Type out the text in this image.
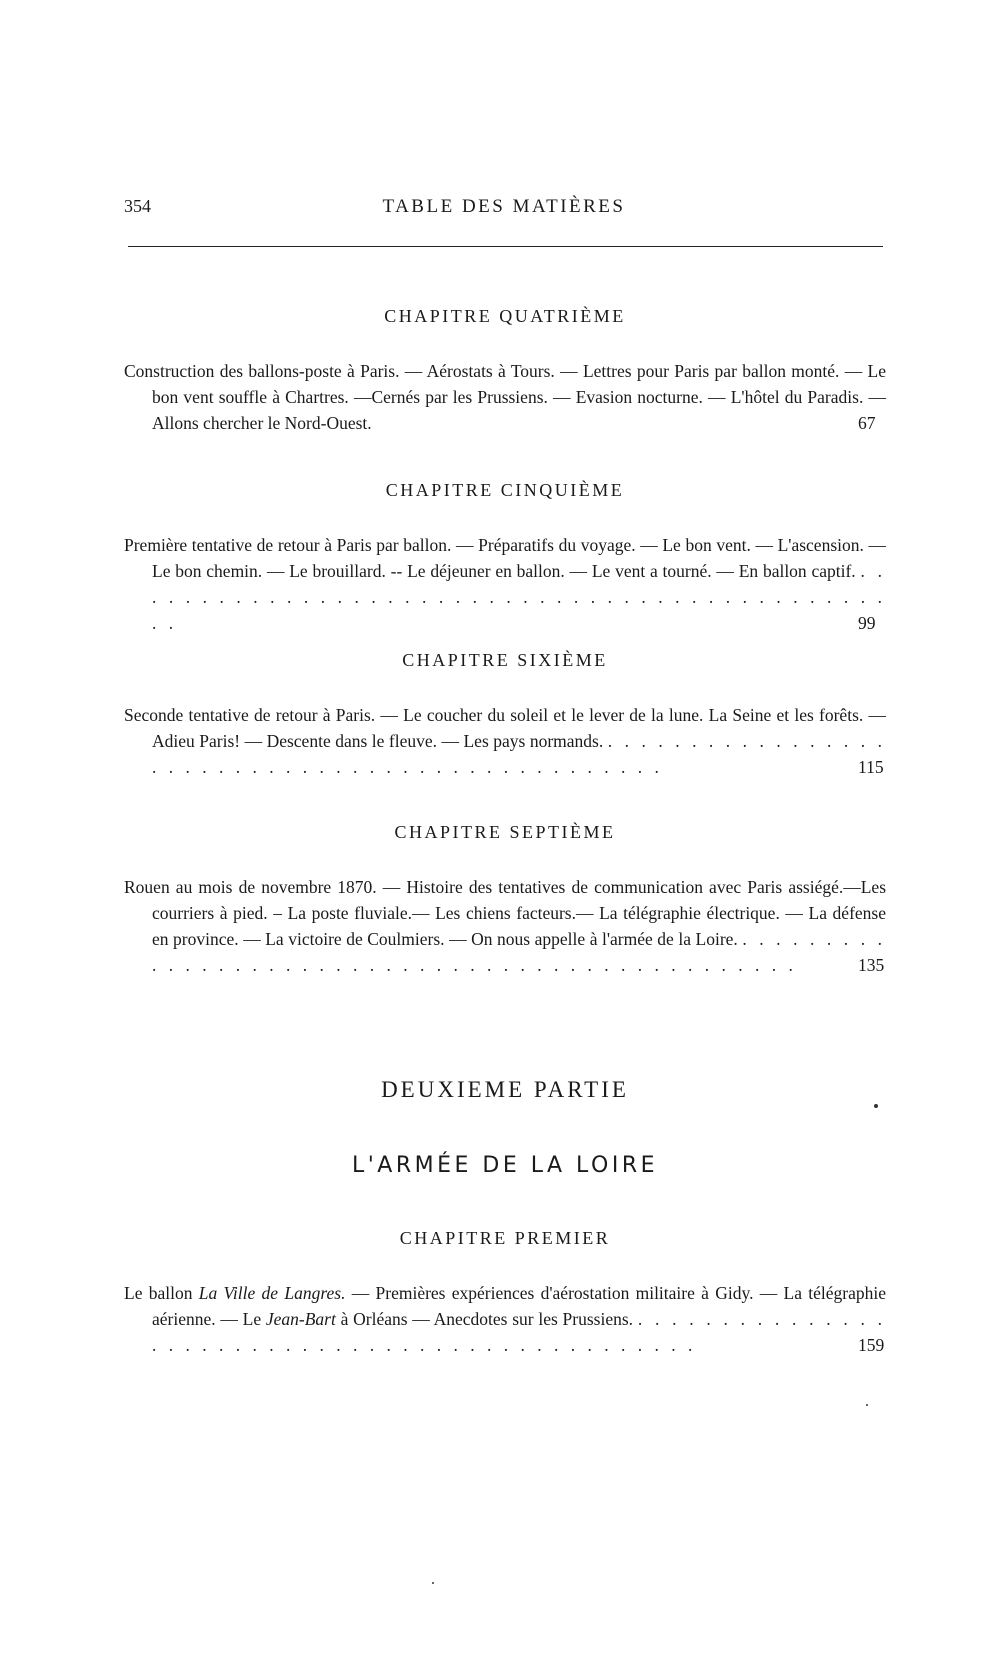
354	TABLE DES MATIÈRES
CHAPITRE QUATRIÈME
Construction des ballons-poste à Paris. — Aérostats à Tours. — Lettres pour Paris par ballon monté. — Le bon vent souffle à Chartres. —Cernés par les Prussiens. — Evasion nocturne. — L'hôtel du Paradis. — Allons chercher le Nord-Ouest.	67
CHAPITRE CINQUIÈME
Première tentative de retour à Paris par ballon. — Préparatifs du voyage. — Le bon vent. — L'ascension. — Le bon chemin. — Le brouillard. -- Le déjeuner en ballon. — Le vent a tourné. — En ballon captif. . . . . . . . . . . . . . . . . . . . . . . . . . . . . . . . . . . . . . . . . . . . . . . . .	99
CHAPITRE SIXIÈME
Seconde tentative de retour à Paris. — Le coucher du soleil et le lever de la lune. La Seine et les forêts. — Adieu Paris! — Descente dans le fleuve. — Les pays normands. . . . . . . . . . . . . . . . . . . . . . . . . . . . . . . . . . . . . . . . . . . . . . . . .	115
CHAPITRE SEPTIÈME
Rouen au mois de novembre 1870. — Histoire des tentatives de communication avec Paris assiégé.—Les courriers à pied. – La poste fluviale.— Les chiens facteurs.— La télégraphie électrique. — La défense en province. — La victoire de Coulmiers. — On nous appelle à l'armée de la Loire. . . . . . . . . . . . . . . . . . . . . . . . . . . . . . . . . . . . . . . . . . . . . . . . .	135
DEUXIEME PARTIE
L'ARMÉE DE LA LOIRE
CHAPITRE PREMIER
Le ballon La Ville de Langres. — Premières expériences d'aérostation militaire à Gidy. — La télégraphie aérienne. — Le Jean-Bart à Orléans — Anecdotes sur les Prussiens. . . . . . . . . . . . . . . . . . . . . . . . . . . . . . . . . . . . . . . . . . . . . . . . .	159
